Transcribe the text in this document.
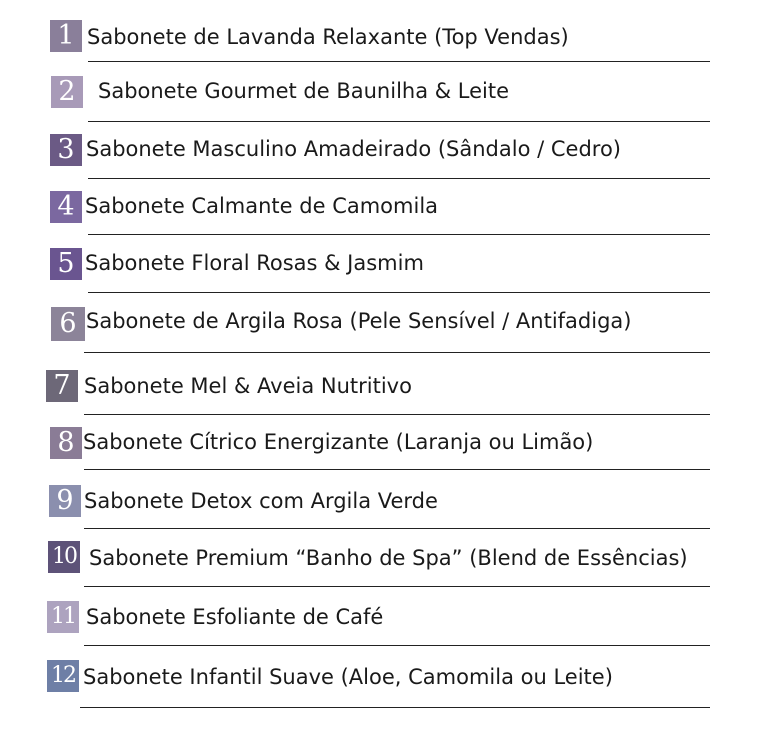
1 Sabonete de Lavanda Relaxante (Top Vendas)
2	Sabonete Gourmet de Baunilha & Leite
3 Sabonete Masculino Amadeirado (Sândalo / Cedro)
4 Sabonete Calmante de Camomila
5 Sabonete Floral Rosas & Jasmim
6 Sabonete de Argila Rosa (Pele Sensível / Antifadiga)
7 Sabonete Mel & Aveia Nutritivo
8 Sabonete Cítrico Energizante (Laranja ou Limão)
9 Sabonete Detox com Argila Verde
10 Sabonete Premium “Banho de Spa” (Blend de Essências)
11 Sabonete Esfoliante de Café
12 Sabonete Infantil Suave (Aloe, Camomila ou Leite)
